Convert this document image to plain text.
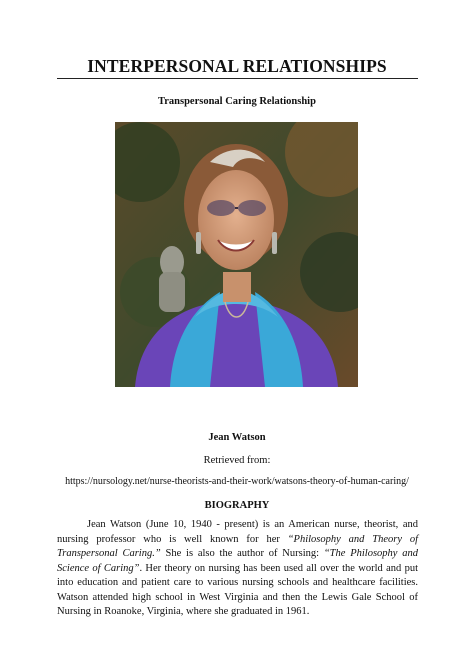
INTERPERSONAL RELATIONSHIPS
Transpersonal Caring Relationship
Jean Watson
Retrieved from:
https://nursology.net/nurse-theorists-and-their-work/watsons-theory-of-human-caring/
BIOGRAPHY

Jean Watson (June 10, 1940 - present) is an American nurse, theorist, and nursing professor who is well known for her “Philosophy and Theory of Transpersonal Caring.” She is also the author of Nursing: “The Philosophy and Science of Caring”. Her theory on nursing has been used all over the world and put into education and patient care to various nursing schools and healthcare facilities. Watson attended high school in West Virginia and then the Lewis Gale School of Nursing in Roanoke, Virginia, where she graduated in 1961.
